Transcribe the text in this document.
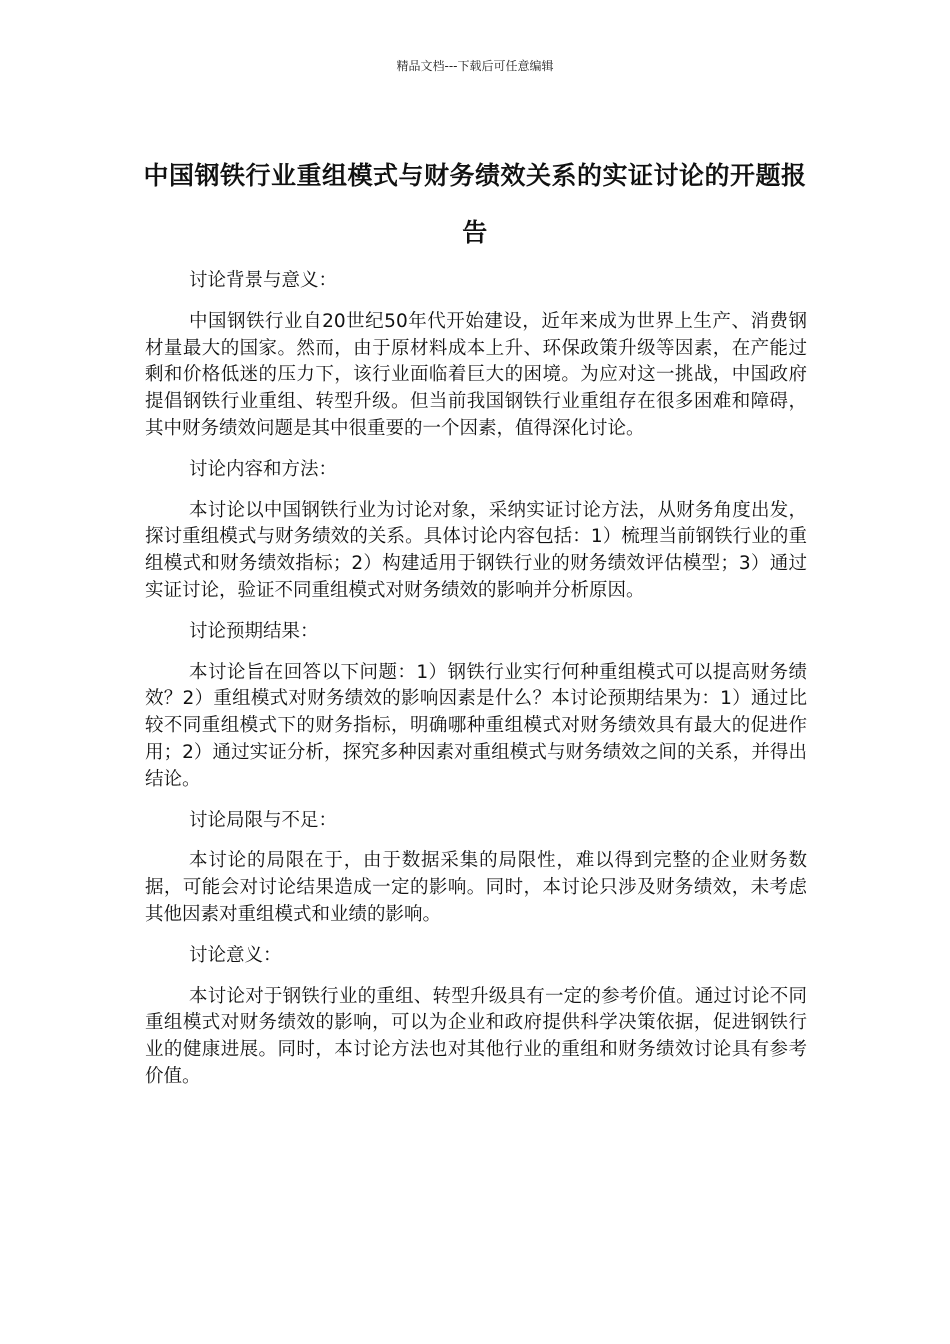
精品文档---下载后可任意编辑
中国钢铁行业重组模式与财务绩效关系的实证讨论的开题报告

讨论背景与意义：

中国钢铁行业自20世纪50年代开始建设，近年来成为世界上生产、消费钢材量最大的国家。然而，由于原材料成本上升、环保政策升级等因素，在产能过剩和价格低迷的压力下，该行业面临着巨大的困境。为应对这一挑战，中国政府提倡钢铁行业重组、转型升级。但当前我国钢铁行业重组存在很多困难和障碍，其中财务绩效问题是其中很重要的一个因素，值得深化讨论。

讨论内容和方法：

本讨论以中国钢铁行业为讨论对象，采纳实证讨论方法，从财务角度出发，探讨重组模式与财务绩效的关系。具体讨论内容包括：1）梳理当前钢铁行业的重组模式和财务绩效指标；2）构建适用于钢铁行业的财务绩效评估模型；3）通过实证讨论，验证不同重组模式对财务绩效的影响并分析原因。

讨论预期结果：

本讨论旨在回答以下问题：1）钢铁行业实行何种重组模式可以提高财务绩效？2）重组模式对财务绩效的影响因素是什么？本讨论预期结果为：1）通过比较不同重组模式下的财务指标，明确哪种重组模式对财务绩效具有最大的促进作用；2）通过实证分析，探究多种因素对重组模式与财务绩效之间的关系，并得出结论。

讨论局限与不足：

本讨论的局限在于，由于数据采集的局限性，难以得到完整的企业财务数据，可能会对讨论结果造成一定的影响。同时，本讨论只涉及财务绩效，未考虑其他因素对重组模式和业绩的影响。

讨论意义：

本讨论对于钢铁行业的重组、转型升级具有一定的参考价值。通过讨论不同重组模式对财务绩效的影响，可以为企业和政府提供科学决策依据，促进钢铁行业的健康进展。同时，本讨论方法也对其他行业的重组和财务绩效讨论具有参考价值。
